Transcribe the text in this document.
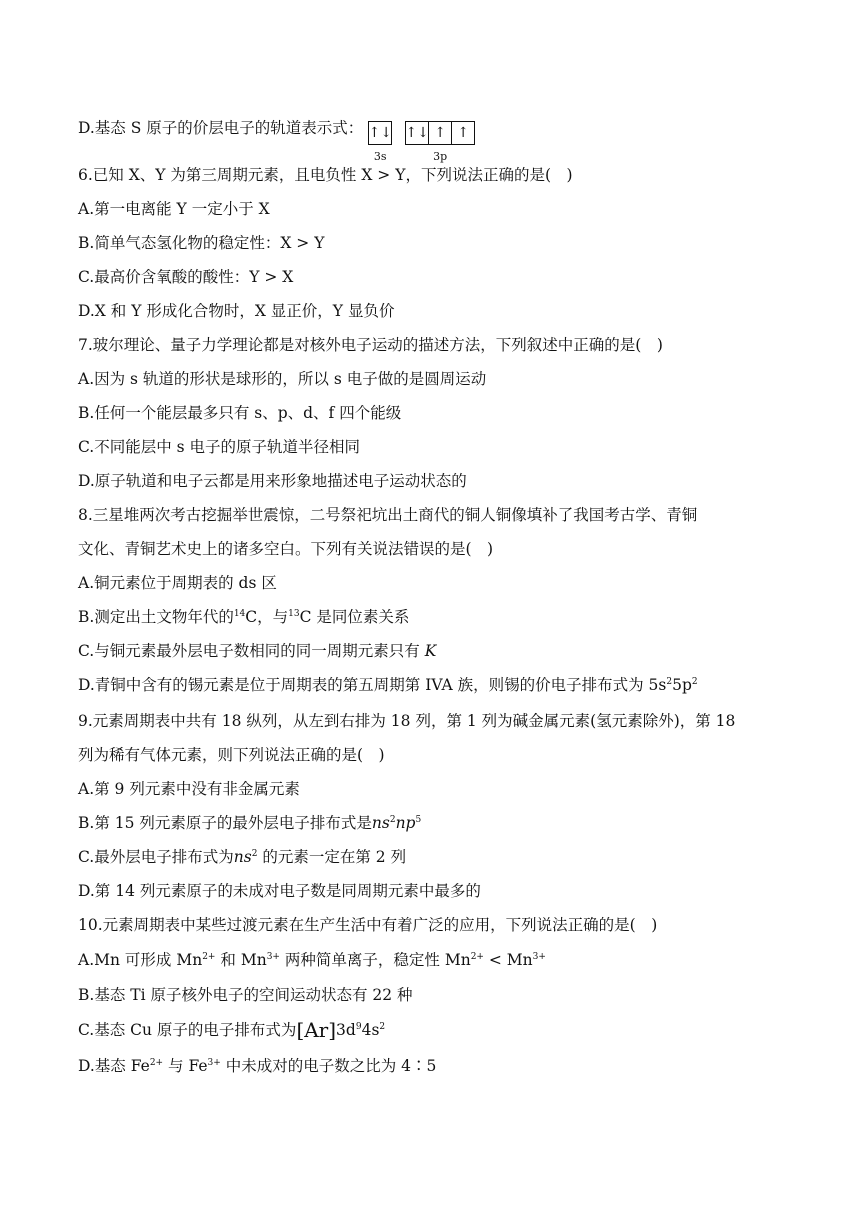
D.基态 S 原子的价层电子的轨道表示式： ↑↓
3s

↑↓ ↑ ↑
3p
6.已知 X、Y 为第三周期元素，且电负性 X > Y，下列说法正确的是(　)
A.第一电离能 Y 一定小于 X
B.简单气态氢化物的稳定性：X > Y
C.最高价含氧酸的酸性：Y > X
D.X 和 Y 形成化合物时，X 显正价，Y 显负价
7.玻尔理论、量子力学理论都是对核外电子运动的描述方法，下列叙述中正确的是(　)
A.因为 s 轨道的形状是球形的，所以 s 电子做的是圆周运动
B.任何一个能层最多只有 s、p、d、f 四个能级
C.不同能层中 s 电子的原子轨道半径相同
D.原子轨道和电子云都是用来形象地描述电子运动状态的
8.三星堆两次考古挖掘举世震惊，二号祭祀坑出土商代的铜人铜像填补了我国考古学、青铜
文化、青铜艺术史上的诸多空白。下列有关说法错误的是(　)
A.铜元素位于周期表的 ds 区
B.测定出土文物年代的$^{14}$C，与$^{13}$C 是同位素关系
C.与铜元素最外层电子数相同的同一周期元素只有 K
D.青铜中含有的锡元素是位于周期表的第五周期第 IVA 族，则锡的价电子排布式为 $5s^25p^2$
9.元素周期表中共有 18 纵列，从左到右排为 18 列，第 1 列为碱金属元素(氢元素除外)，第 18
列为稀有气体元素，则下列说法正确的是(　)
A.第 9 列元素中没有非金属元素
B.第 15 列元素原子的最外层电子排布式是$ns^2np^5$
C.最外层电子排布式为$ns^2$ 的元素一定在第 2 列
D.第 14 列元素原子的未成对电子数是同周期元素中最多的
10.元素周期表中某些过渡元素在生产生活中有着广泛的应用，下列说法正确的是(　)
A.Mn 可形成 $Mn^{2+}$ 和 $Mn^{3+}$ 两种简单离子，稳定性 $Mn^{2+} < Mn^{3+}$
B.基态 Ti 原子核外电子的空间运动状态有 22 种
C.基态 Cu 原子的电子排布式为$[Ar]3d^94s^2$
D.基态 $Fe^{2+}$ 与 $Fe^{3+}$ 中未成对的电子数之比为 4∶5
